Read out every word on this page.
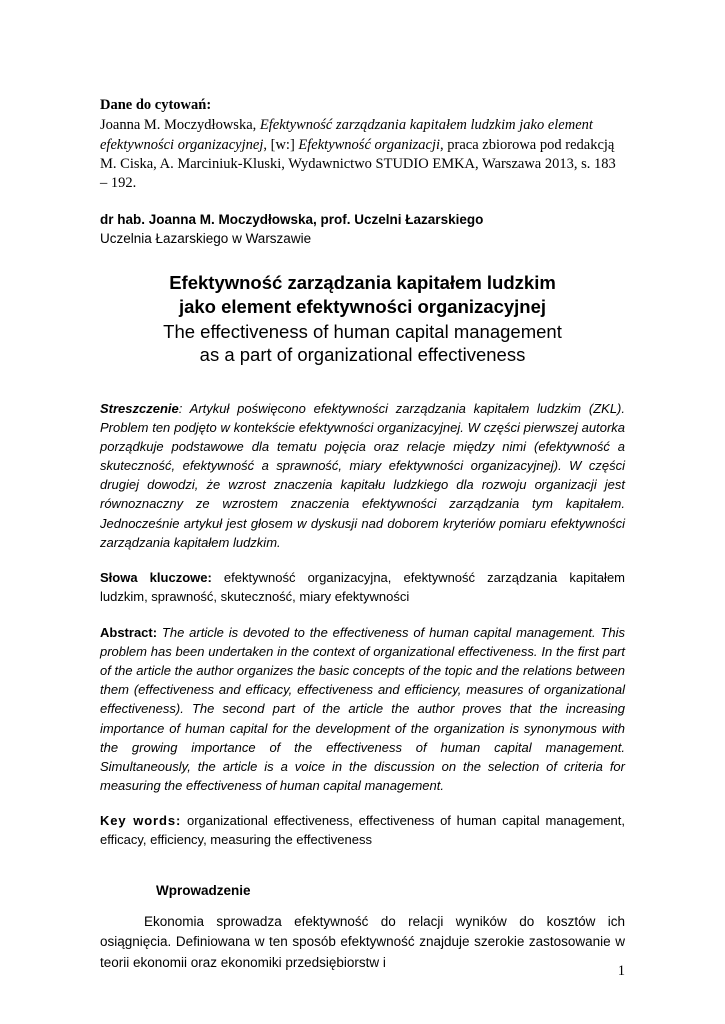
Dane do cytowań:
Joanna M. Moczydłowska, Efektywność zarządzania kapitałem ludzkim jako element efektywności organizacyjnej, [w:] Efektywność organizacji, praca zbiorowa pod redakcją M. Ciska, A. Marciniuk-Kluski, Wydawnictwo STUDIO EMKA, Warszawa 2013, s. 183 – 192.
dr hab. Joanna M. Moczydłowska, prof. Uczelni Łazarskiego
Uczelnia Łazarskiego w Warszawie
Efektywność zarządzania kapitałem ludzkim
jako element efektywności organizacyjnej
The effectiveness of human capital management
as a part of organizational effectiveness
Streszczenie: Artykuł poświęcono efektywności zarządzania kapitałem ludzkim (ZKL). Problem ten podjęto w kontekście efektywności organizacyjnej. W części pierwszej autorka porządkuje podstawowe dla tematu pojęcia oraz relacje między nimi (efektywność a skuteczność, efektywność a sprawność, miary efektywności organizacyjnej). W części drugiej dowodzi, że wzrost znaczenia kapitału ludzkiego dla rozwoju organizacji jest równoznaczny ze wzrostem znaczenia efektywności zarządzania tym kapitałem. Jednocześnie artykuł jest głosem w dyskusji nad doborem kryteriów pomiaru efektywności zarządzania kapitałem ludzkim.
Słowa kluczowe: efektywność organizacyjna, efektywność zarządzania kapitałem ludzkim, sprawność, skuteczność, miary efektywności
Abstract: The article is devoted to the effectiveness of human capital management. This problem has been undertaken in the context of organizational effectiveness. In the first part of the article the author organizes the basic concepts of the topic and the relations between them (effectiveness and efficacy, effectiveness and efficiency, measures of organizational effectiveness). The second part of the article the author proves that the increasing importance of human capital for the development of the organization is synonymous with the growing importance of the effectiveness of human capital management. Simultaneously, the article is a voice in the discussion on the selection of criteria for measuring the effectiveness of human capital management.
Key words: organizational effectiveness, effectiveness of human capital management, efficacy, efficiency, measuring the effectiveness
Wprowadzenie
Ekonomia sprowadza efektywność do relacji wyników do kosztów ich osiągnięcia. Definiowana w ten sposób efektywność znajduje szerokie zastosowanie w teorii ekonomii oraz ekonomiki przedsiębiorstw i
1
